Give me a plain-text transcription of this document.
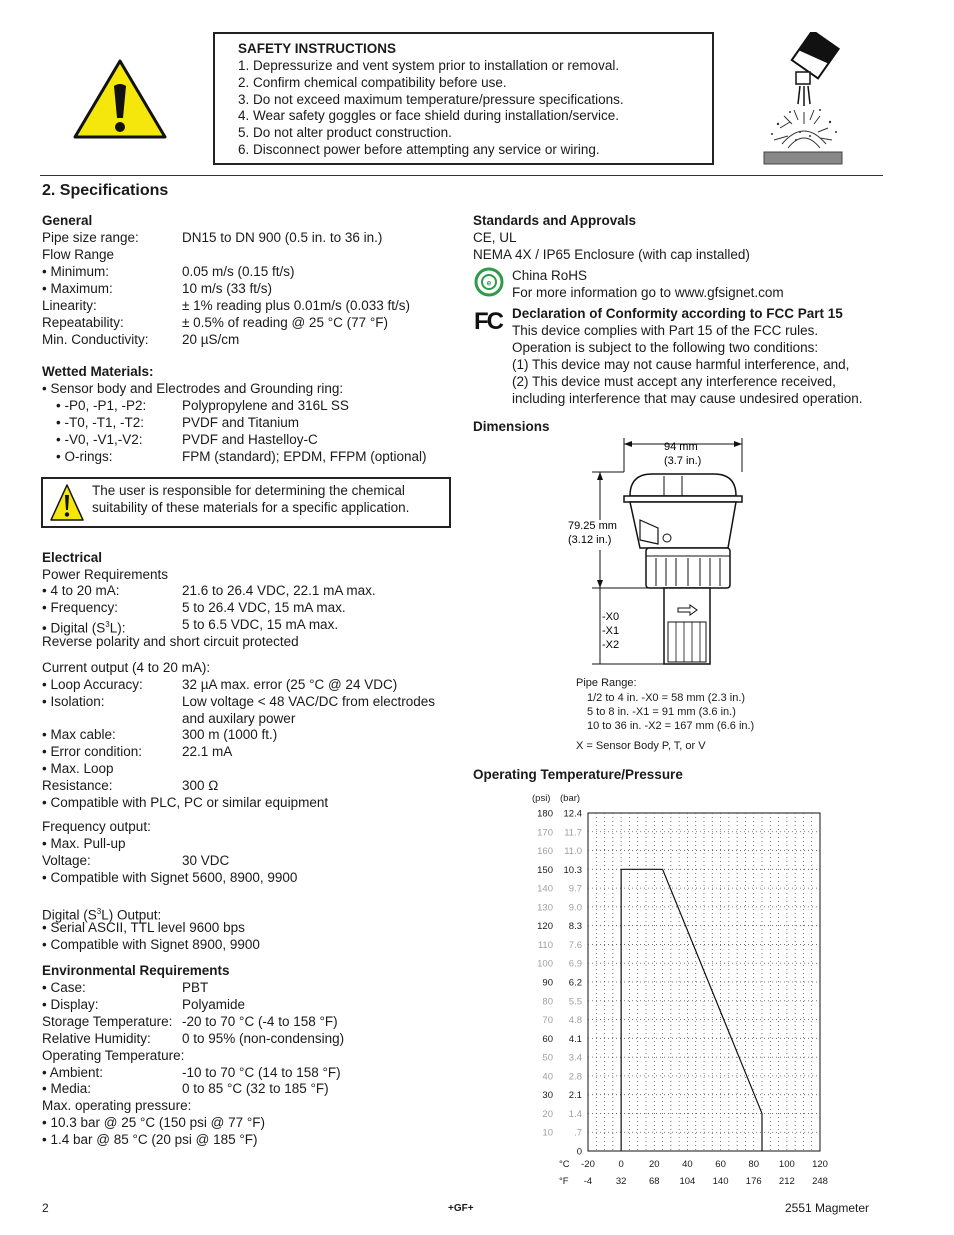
SAFETY INSTRUCTIONS
1. Depressurize and vent system prior to installation or removal.
2. Confirm chemical compatibility before use.
3. Do not exceed maximum temperature/pressure specifications.
4. Wear safety goggles or face shield during installation/service.
5. Do not alter product construction.
6. Disconnect power before attempting any service or wiring.
2. Specifications
General
Pipe size range:	DN15 to DN 900 (0.5 in. to 36 in.)
Flow Range
• Minimum:	0.05 m/s (0.15 ft/s)
• Maximum:	10 m/s (33 ft/s)
Linearity:	± 1% reading plus 0.01m/s (0.033 ft/s)
Repeatability:	± 0.5% of reading @ 25 °C (77 °F)
Min. Conductivity: 20 µS/cm
Wetted Materials:
• Sensor body and Electrodes and Grounding ring:
• -P0, -P1, -P2:	Polypropylene and 316L SS
• -T0, -T1, -T2:	PVDF and Titanium
• -V0, -V1,-V2:	PVDF and Hastelloy-C
• O-rings:	FPM (standard); EPDM, FFPM (optional)
The user is responsible for determining the chemical
suitability of these materials for a specific application.
Electrical
Power Requirements
• 4 to 20 mA:	21.6 to 26.4 VDC, 22.1 mA max.
• Frequency:	5 to 26.4 VDC, 15 mA max.
• Digital $(S^3L)$:	5 to 6.5 VDC, 15 mA max.
Reverse polarity and short circuit protected
Current output (4 to 20 mA):
• Loop Accuracy:	32 µA max. error (25 °C @ 24 VDC)
• Isolation:	Low voltage < 48 VAC/DC from electrodes
and auxilary power
• Max cable:	300 m (1000 ft.)
• Error condition:	22.1 mA
• Max. Loop
Resistance:	300 Ω
• Compatible with PLC, PC or similar equipment
Frequency output:
• Max. Pull-up
Voltage:	30 VDC
• Compatible with Signet 5600, 8900, 9900
Digital $(S^3L)$ Output:
• Serial ASCII, TTL level 9600 bps
• Compatible with Signet 8900, 9900
Environmental Requirements
• Case:	PBT
• Display:	Polyamide
Storage Temperature: -20 to 70 °C (-4 to 158 °F)
Relative Humidity: 0 to 95% (non-condensing)
Operating Temperature:
• Ambient:	-10 to 70 °C (14 to 158 °F)
• Media:	0 to 85 °C (32 to 185 °F)
Max. operating pressure:
• 10.3 bar @ 25 °C (150 psi @ 77 °F)
• 1.4 bar @ 85 °C (20 psi @ 185 °F)
Standards and Approvals
CE, UL
NEMA 4X / IP65 Enclosure (with cap installed)
e China RoHS
For more information go to www.gfsignet.com
FC Declaration of Conformity according to FCC Part 15
This device complies with Part 15 of the FCC rules.
Operation is subject to the following two conditions:
(1) This device may not cause harmful interference, and,
(2) This device must accept any interference received,
including interference that may cause undesired operation.
Dimensions
94 mm
(3.7 in.)
79.25 mm
(3.12 in.)
-X0
-X1
-X2
Pipe Range:
1/2 to 4 in. -X0 = 58 mm (2.3 in.)
5 to 8 in. -X1 = 91 mm (3.6 in.)
10 to 36 in. -X2 = 167 mm (6.6 in.)
X = Sensor Body P, T, or V
Operating Temperature/Pressure
180 12.4
170 11.7
160 11.0
150 10.3
140 9.7
130 9.0
120 8.3
110 7.6
100 6.9
90 6.2
80 5.5
70 4.8
60 4.1
50 3.4
40 2.8
30 2.1
20 1.4
10 .7
0
(psi) (bar)
-20
-4
0
32
20
68
40
104
60
140
80
176
100
212
120
248
°C
°F
2	+GF+	2551 Magmeter
